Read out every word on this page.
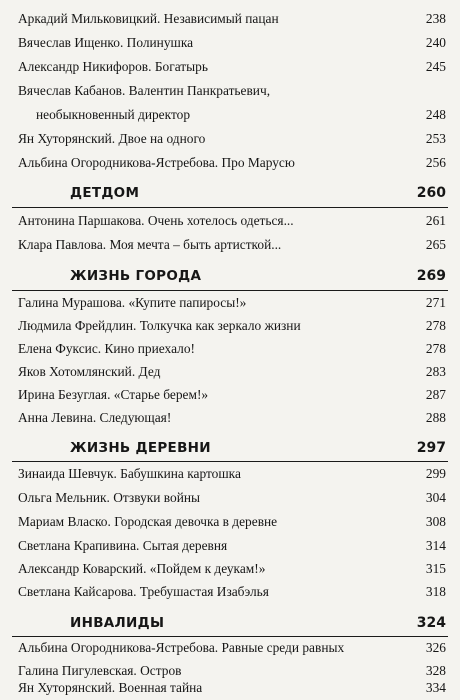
Аркадий Мильковицкий. Независимый пацан	238
Вячеслав Ищенко. Полинушка	240
Александр Никифоров. Богатырь	245
Вячеслав Кабанов. Валентин Панкратьевич,
необыкновенный директор	248
Ян Хуторянский. Двое на одного	253
Альбина Огородникова-Ястребова. Про Марусю	256
ДЕТДОМ	260
Антонина Паршакова. Очень хотелось одеться...	261
Клара Павлова. Моя мечта – быть артисткой...	265
ЖИЗНЬ ГОРОДА	269
Галина Мурашова. «Купите папиросы!»	271
Людмила Фрейдлин. Толкучка как зеркало жизни	278
Елена Фуксис. Кино приехало!	278
Яков Хотомлянский. Дед	283
Ирина Безуглая. «Старье берем!»	287
Анна Левина. Следующая!	288
ЖИЗНЬ ДЕРЕВНИ	297
Зинаида Шевчук. Бабушкина картошка	299
Ольга Мельник. Отзвуки войны	304
Мариам Власко. Городская девочка в деревне	308
Светлана Крапивина. Сытая деревня	314
Александр Коварский. «Пойдем к деукам!»	315
Светлана Кайсарова. Требушастая Изабэлья	318
ИНВАЛИДЫ	324
Альбина Огородникова-Ястребова. Равные среди равных	326
Галина Пигулевская. Остров	328
Ян Хуторянский. Военная тайна	334
